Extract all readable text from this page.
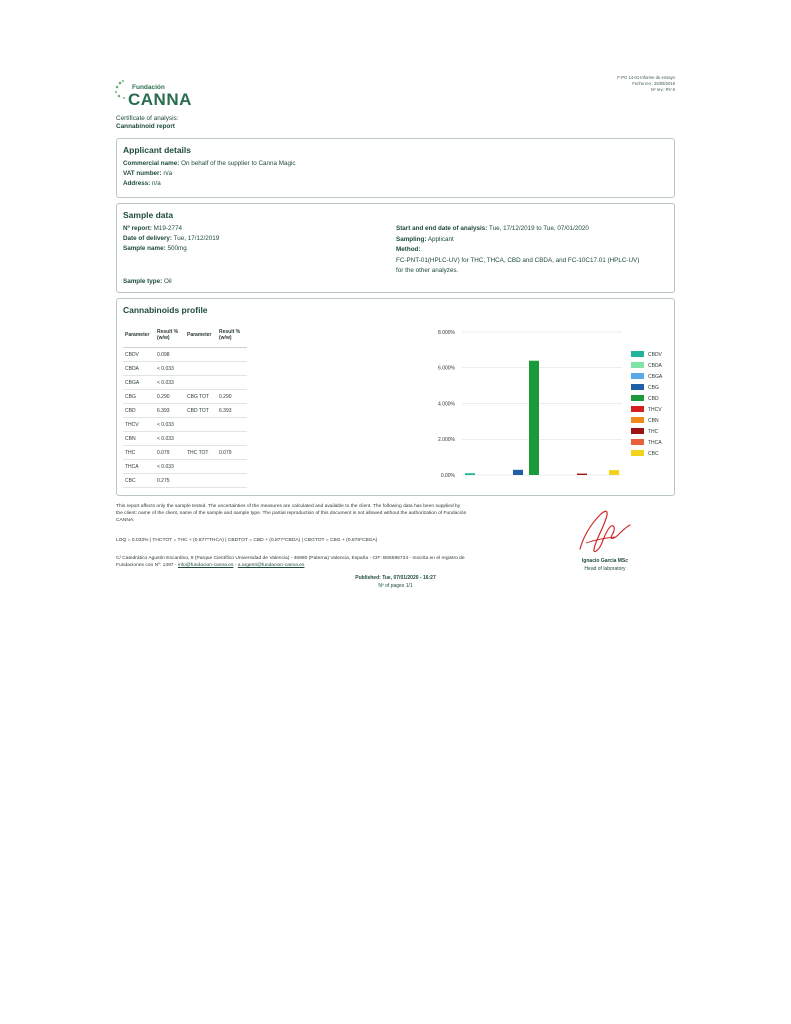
F-PG 14-01 Informe de ensayo
Fecha rev.: 25/09/2019
Nº rev.: RV 6
Fundación
CANNA
Certificate of analysis:
Cannabinoid report
Applicant details
Commercial name: On behalf of the supplier to Canna Magic
VAT number: n/a
Address: n/a
Sample data
Nº report: M19-2774
Date of delivery: Tue, 17/12/2019
Sample name: 500mg
Sample type: Oil
Start and end date of analysis: Tue, 17/12/2019 to Tue, 07/01/2020
Sampling: Applicant
Method:
FC-PNT-01(HPLC-UV) for THC, THCA, CBD and CBDA, and FC-10C17.01 (HPLC-UV)
for the other analyzes.
Cannabinoids profile
Parameter	Result % (w/w)	Parameter	Result % (w/w)
CBDV	0.098		
CBDA	< 0.033		
CBGA	< 0.033		
CBG	0.290	CBG TOT	0.290
CBD	6.393	CBD TOT	6.393
THCV	< 0.033		
CBN	< 0.033		
THC	0.079	THC TOT	0.079
THCA	< 0.033		
CBC	0.275		
0.00%
2.000%
4.000%
6.000%
8.000%
CBDV
CBDA
CBGA
CBG
CBD
THCV
CBN
THC
THCA
CBC
This report affects only the sample tested. The uncertainties of the measures are calculated and available to the client. The following data has been supplied by
the client: name of the client, name of the sample and sample type. The partial reproduction of this document is not allowed without the authorization of Fundación
CANNA.
LOQ = 0.033% | THCTOT = THC + (0.877*THCA) | CBDTOT = CBD + (0.877*CBDA) | CBGTOT = CBG + (0.878*CBGA)
C/ Catedrático Agustín Escardino, 9 (Parque Científico Universidad de Valencia) - 46980 (Paterna) Valencia, España - CIF: B65596724 - Inscrita en el registro de
Fundaciones con Nº: 1397 - info@fundacion-canna.es - a.argenti@fundacion-canna.es
Ignacio García MSc
Head of laboratory
Published: Tue, 07/01/2020 - 16:27
Nº of pages 1/1
